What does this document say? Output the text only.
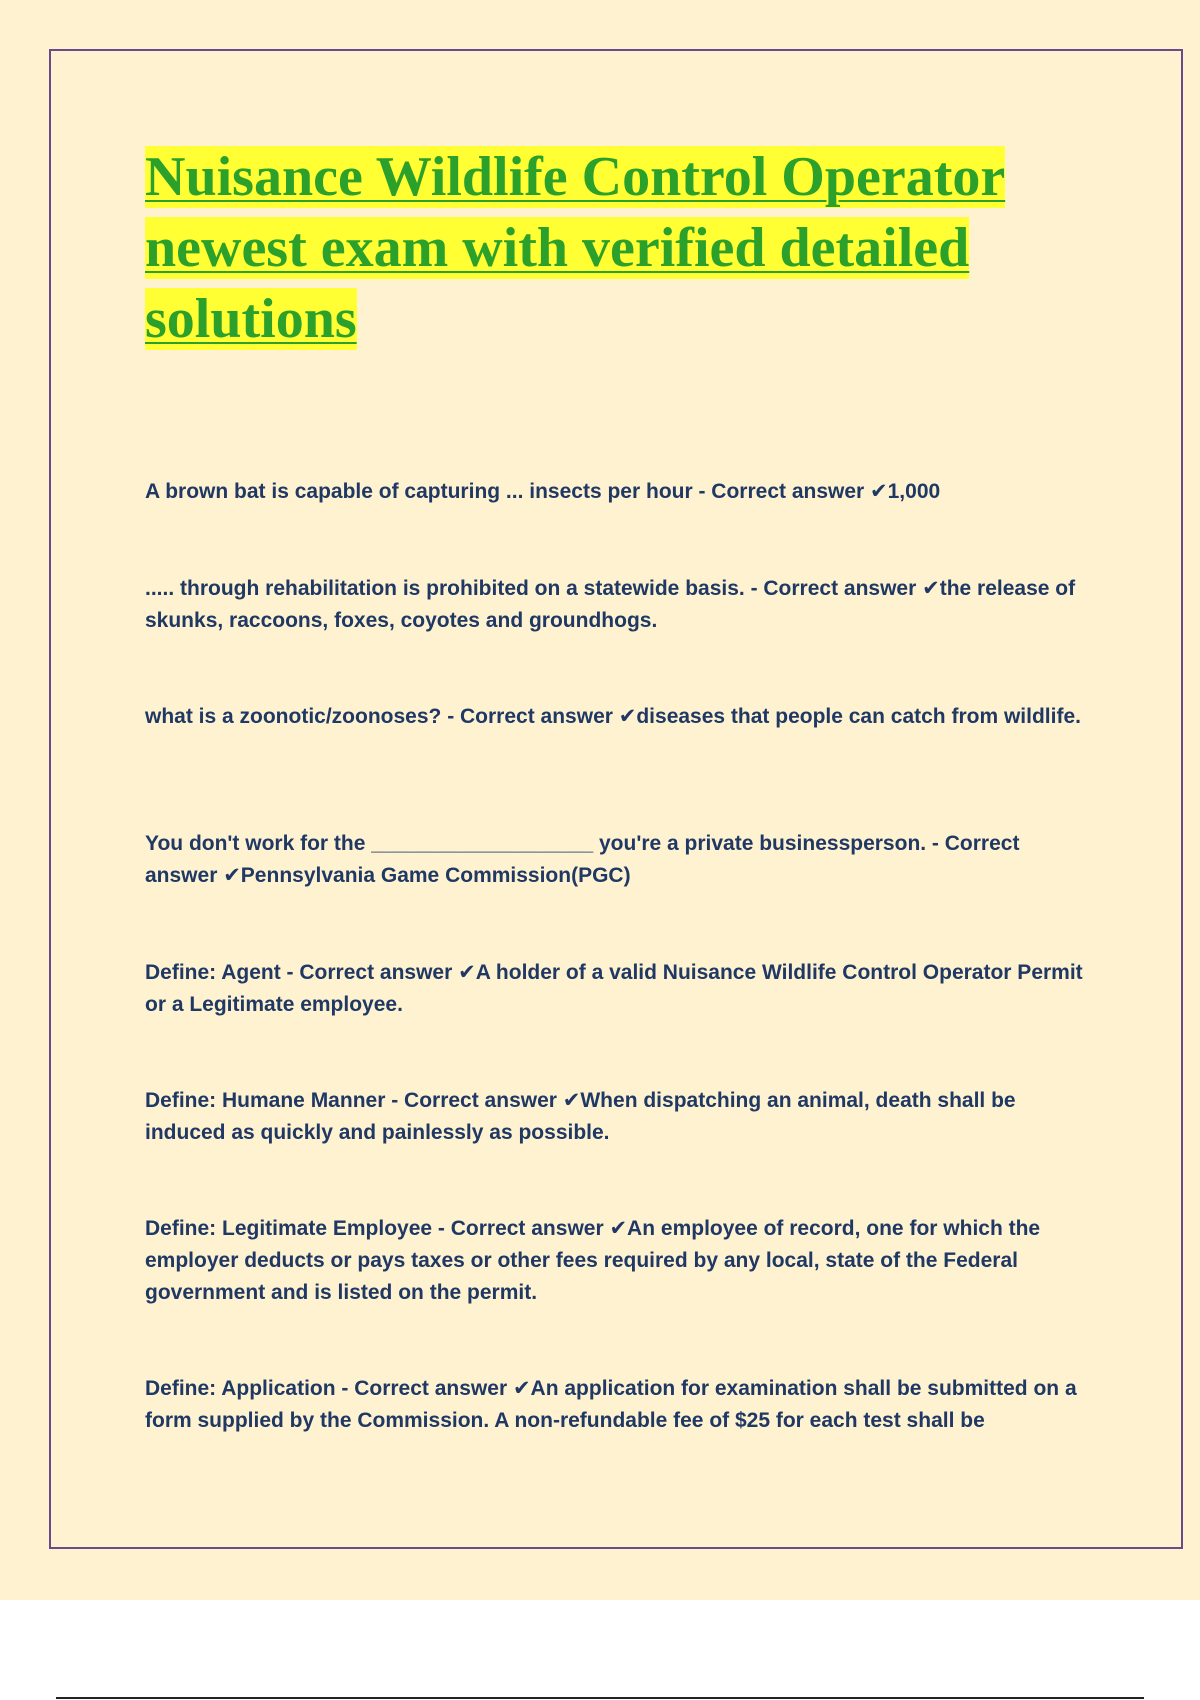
Nuisance Wildlife Control Operator newest exam with verified detailed solutions

A brown bat is capable of capturing ... insects per hour - Correct answer ✔1,000

..... through rehabilitation is prohibited on a statewide basis. - Correct answer ✔the release of skunks, raccoons, foxes, coyotes and groundhogs.

what is a zoonotic/zoonoses? - Correct answer ✔diseases that people can catch from wildlife.

You don't work for the ___________________ you're a private businessperson. - Correct answer ✔Pennsylvania Game Commission(PGC)

Define: Agent - Correct answer ✔A holder of a valid Nuisance Wildlife Control Operator Permit or a Legitimate employee.

Define: Humane Manner - Correct answer ✔When dispatching an animal, death shall be induced as quickly and painlessly as possible.

Define: Legitimate Employee - Correct answer ✔An employee of record, one for which the employer deducts or pays taxes or other fees required by any local, state of the Federal government and is listed on the permit.

Define: Application - Correct answer ✔An application for examination shall be submitted on a form supplied by the Commission. A non-refundable fee of $25 for each test shall be
